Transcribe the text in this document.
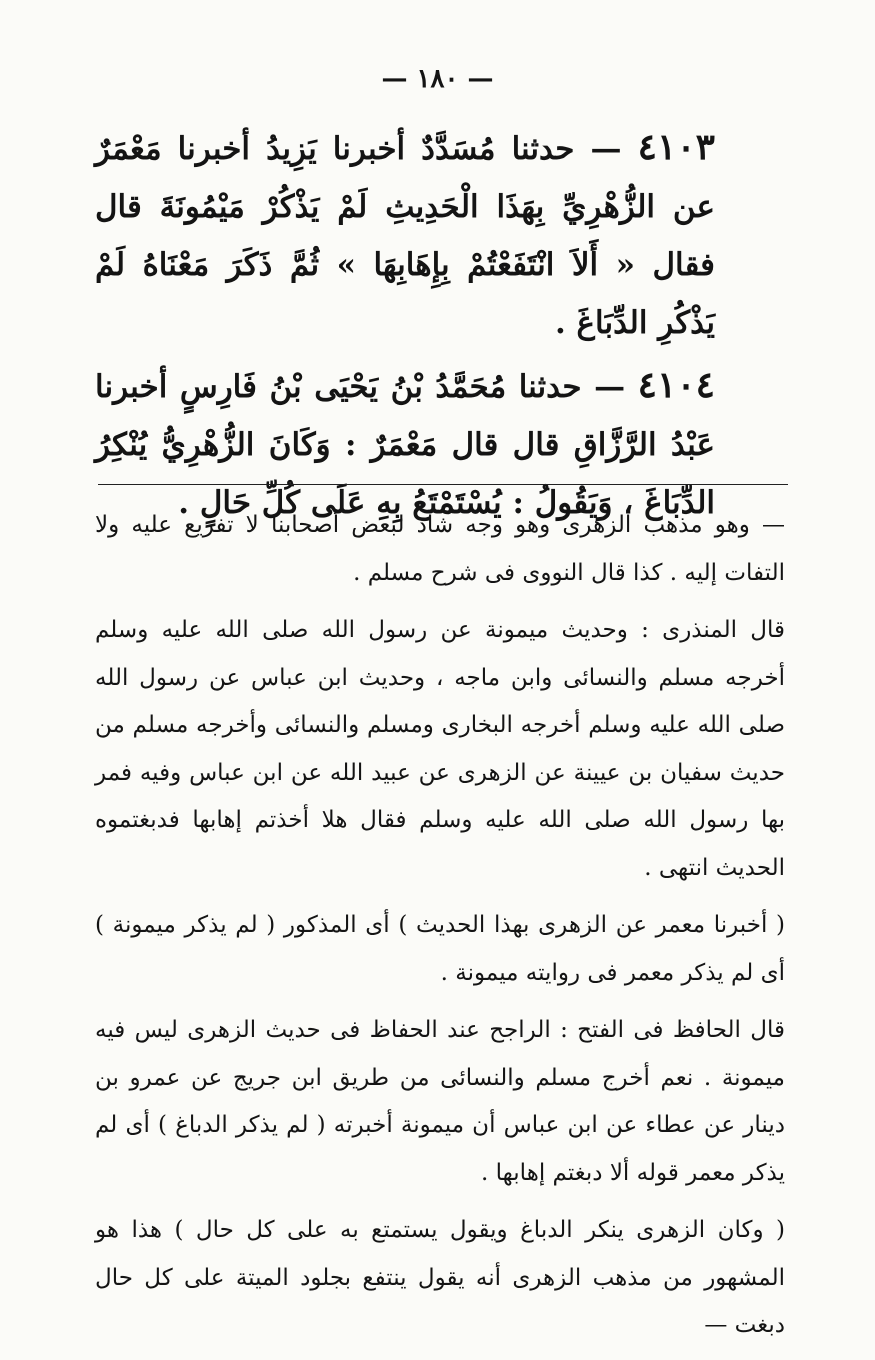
— ١٨٠ —

٤١٠٣ — حدثنا مُسَدَّدٌ أخبرنا يَزِيدُ أخبرنا مَعْمَرٌ عن الزُّهْرِيِّ بِهَذَا الْحَدِيثِ لَمْ يَذْكُرْ مَيْمُونَةَ قال فقال « أَلاَ انْتَفَعْتُمْ بِإِهَابِهَا » ثُمَّ ذَكَرَ مَعْنَاهُ لَمْ يَذْكُرِ الدِّبَاغَ .

٤١٠٤ — حدثنا مُحَمَّدُ بْنُ يَحْيَى بْنُ فَارِسٍ أخبرنا عَبْدُ الرَّزَّاقِ قال قال مَعْمَرٌ : وَكَانَ الزُّهْرِيُّ يُنْكِرُ الدِّبَاغَ ، وَيَقُولُ : يُسْتَمْتَعُ بِهِ عَلَى كُلِّ حَالٍ .

— وهو مذهب الزهرى وهو وجه شاذ لبعض أصحابنا لا تفريع عليه ولا التفات إليه . كذا قال النووى فى شرح مسلم .

قال المنذرى : وحديث ميمونة عن رسول الله صلى الله عليه وسلم أخرجه مسلم والنسائى وابن ماجه ، وحديث ابن عباس عن رسول الله صلى الله عليه وسلم أخرجه البخارى ومسلم والنسائى وأخرجه مسلم من حديث سفيان بن عيينة عن الزهرى عن عبيد الله عن ابن عباس وفيه فمر بها رسول الله صلى الله عليه وسلم فقال هلا أخذتم إهابها فدبغتموه الحديث انتهى .

( أخبرنا معمر عن الزهرى بهذا الحديث ) أى المذكور ( لم يذكر ميمونة ) أى لم يذكر معمر فى روايته ميمونة .

قال الحافظ فى الفتح : الراجح عند الحفاظ فى حديث الزهرى ليس فيه ميمونة . نعم أخرج مسلم والنسائى من طريق ابن جريج عن عمرو بن دينار عن عطاء عن ابن عباس أن ميمونة أخبرته ( لم يذكر الدباغ ) أى لم يذكر معمر قوله ألا دبغتم إهابها .

( وكان الزهرى ينكر الدباغ ويقول يستمتع به على كل حال ) هذا هو المشهور من مذهب الزهرى أنه يقول ينتفع بجلود الميتة على كل حال دبغت —
